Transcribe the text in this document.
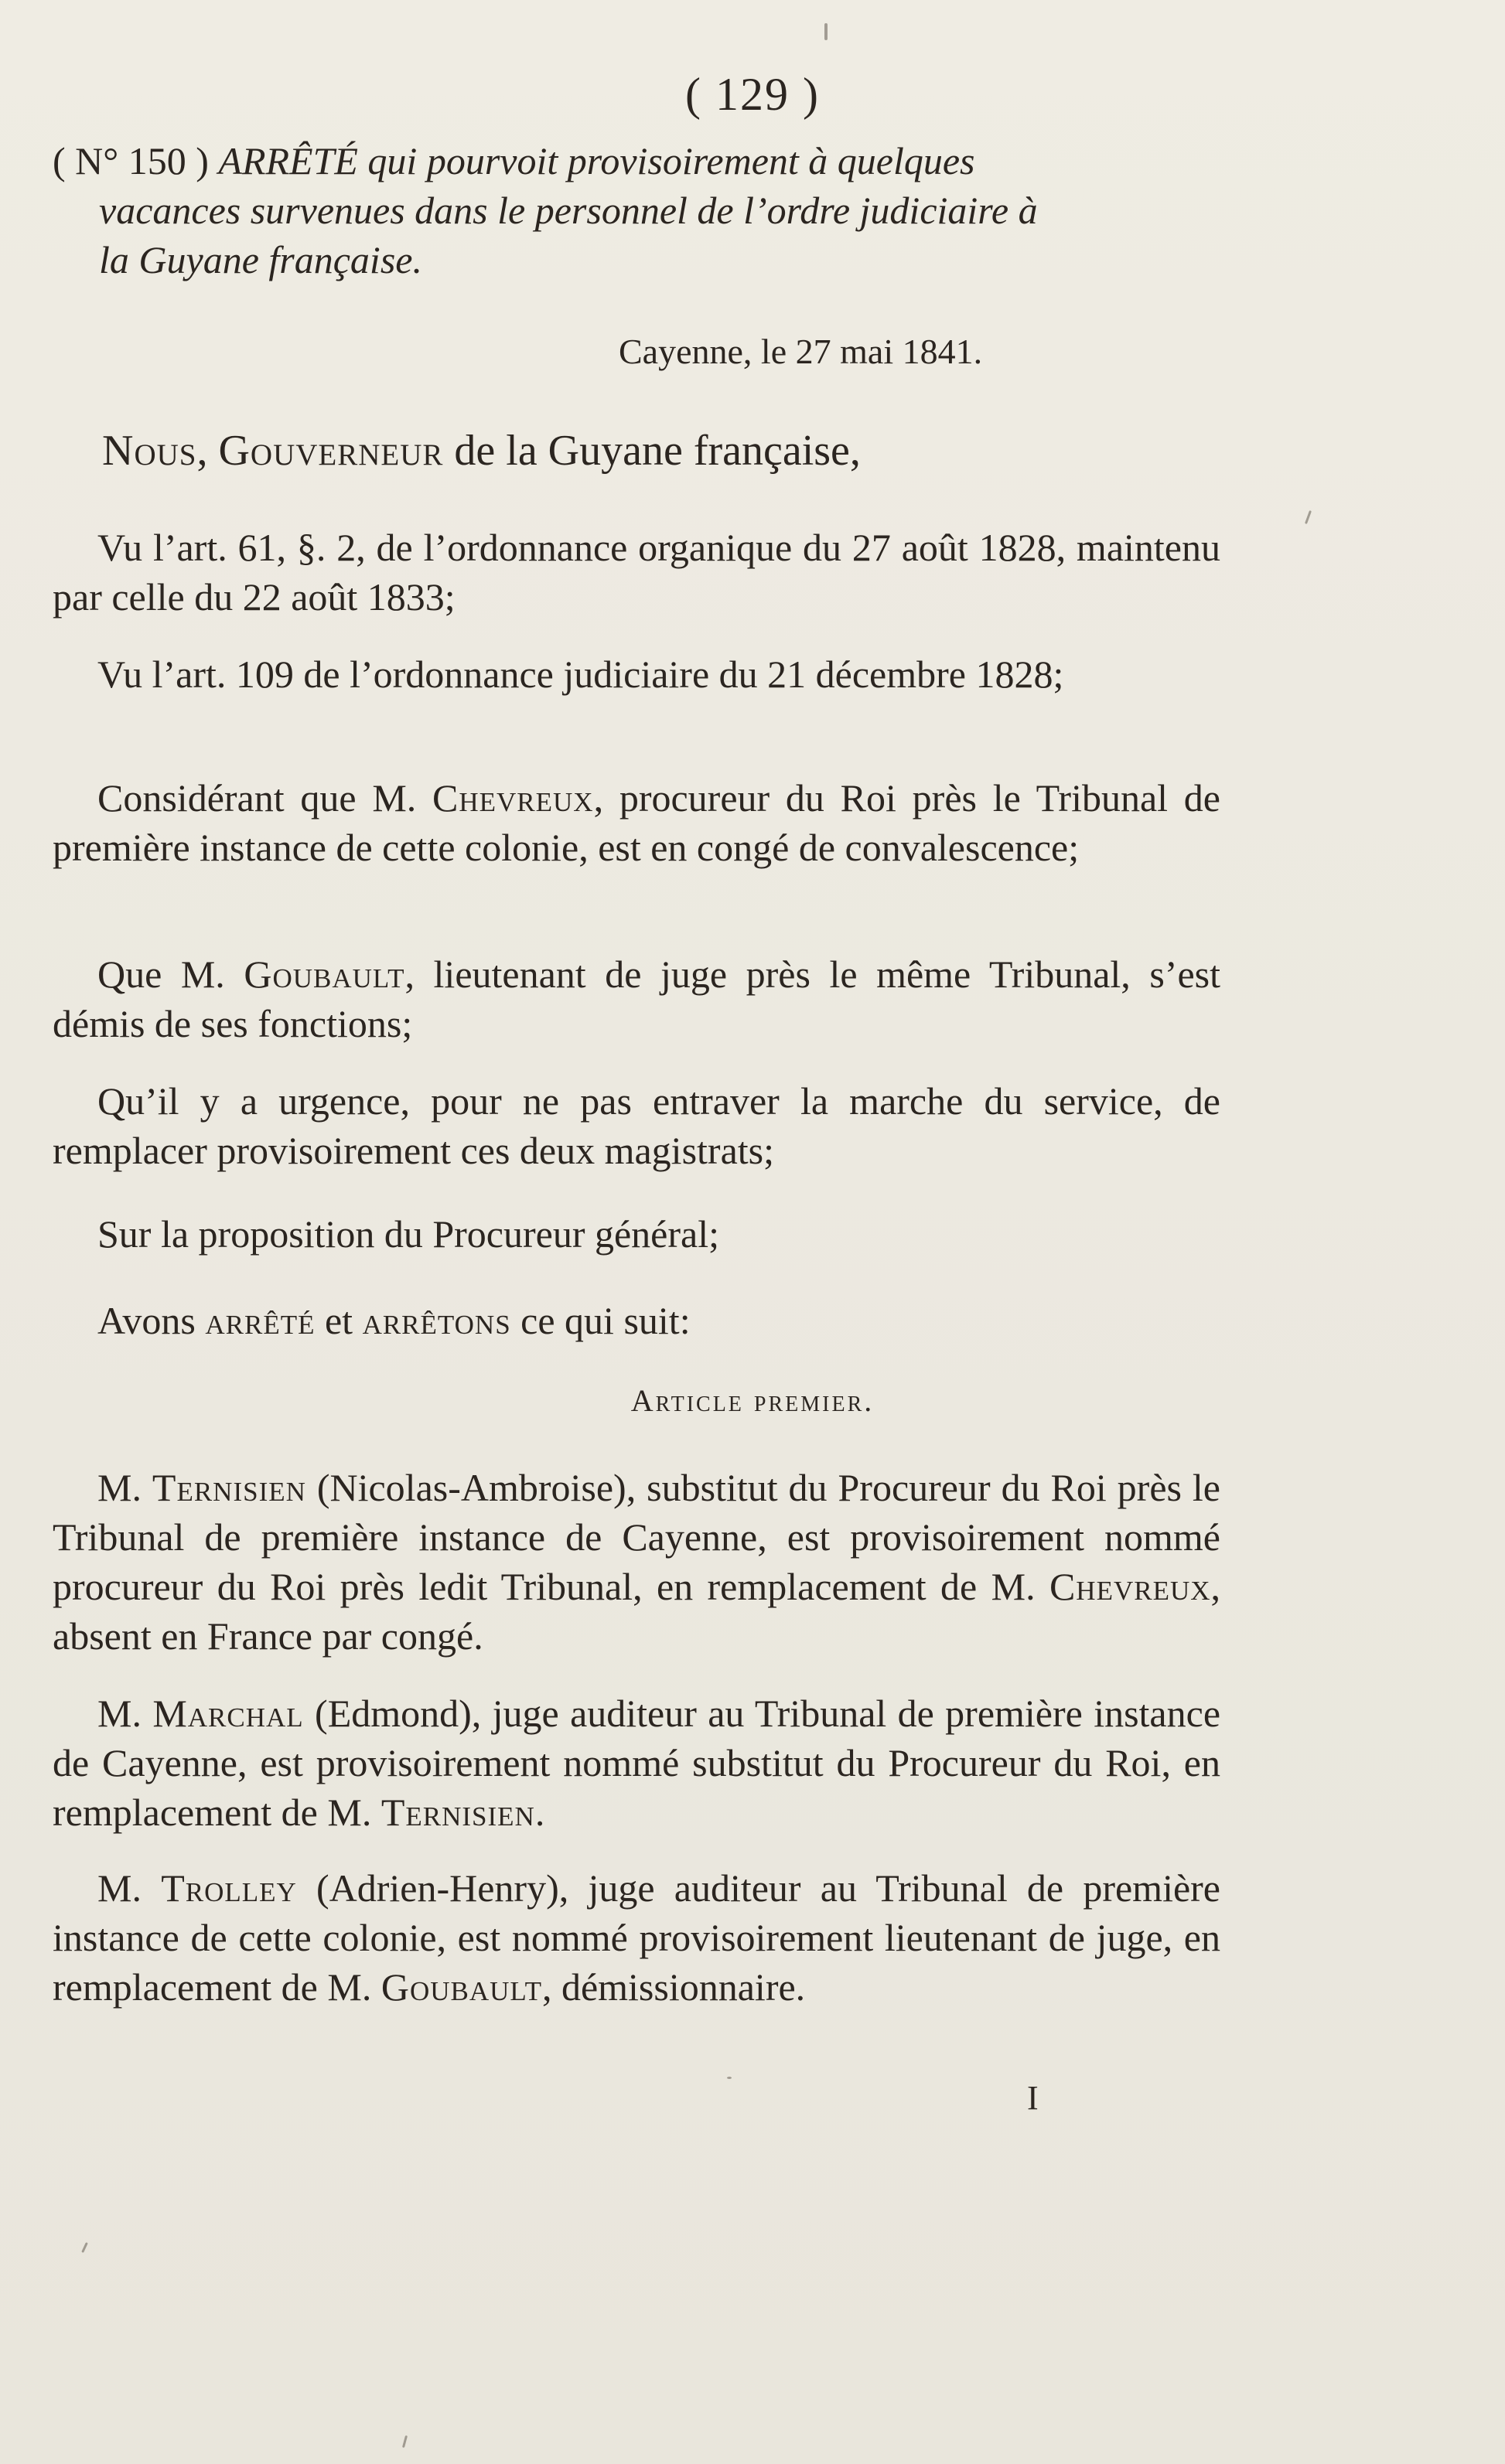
( 129 )
( N° 150 ) ARRÊTÉ qui pourvoit provisoirement à quelques
vacances survenues dans le personnel de l’ordre judiciaire à
la Guyane française.
Cayenne, le 27 mai 1841.

Nous, Gouverneur de la Guyane française,

Vu l’art. 61, §. 2, de l’ordonnance organique du 27 août 1828, maintenu par celle du 22 août 1833;

Vu l’art. 109 de l’ordonnance judiciaire du 21 décembre 1828;

Considérant que M. Chevreux, procureur du Roi près le Tribunal de première instance de cette colonie, est en congé de convalescence;

Que M. Goubault, lieutenant de juge près le même Tribunal, s’est démis de ses fonctions;

Qu’il y a urgence, pour ne pas entraver la marche du service, de remplacer provisoirement ces deux magistrats;

Sur la proposition du Procureur général;

Avons arrêté et arrêtons ce qui suit:

Article premier.

M. Ternisien (Nicolas-Ambroise), substitut du Procureur du Roi près le Tribunal de première instance de Cayenne, est provisoirement nommé procureur du Roi près ledit Tribunal, en remplacement de M. Chevreux, absent en France par congé.

M. Marchal (Edmond), juge auditeur au Tribunal de première instance de Cayenne, est provisoirement nommé substitut du Procureur du Roi, en remplacement de M. Ternisien.

M. Trolley (Adrien-Henry), juge auditeur au Tribunal de première instance de cette colonie, est nommé provisoirement lieutenant de juge, en remplacement de M. Goubault, démissionnaire.

I
